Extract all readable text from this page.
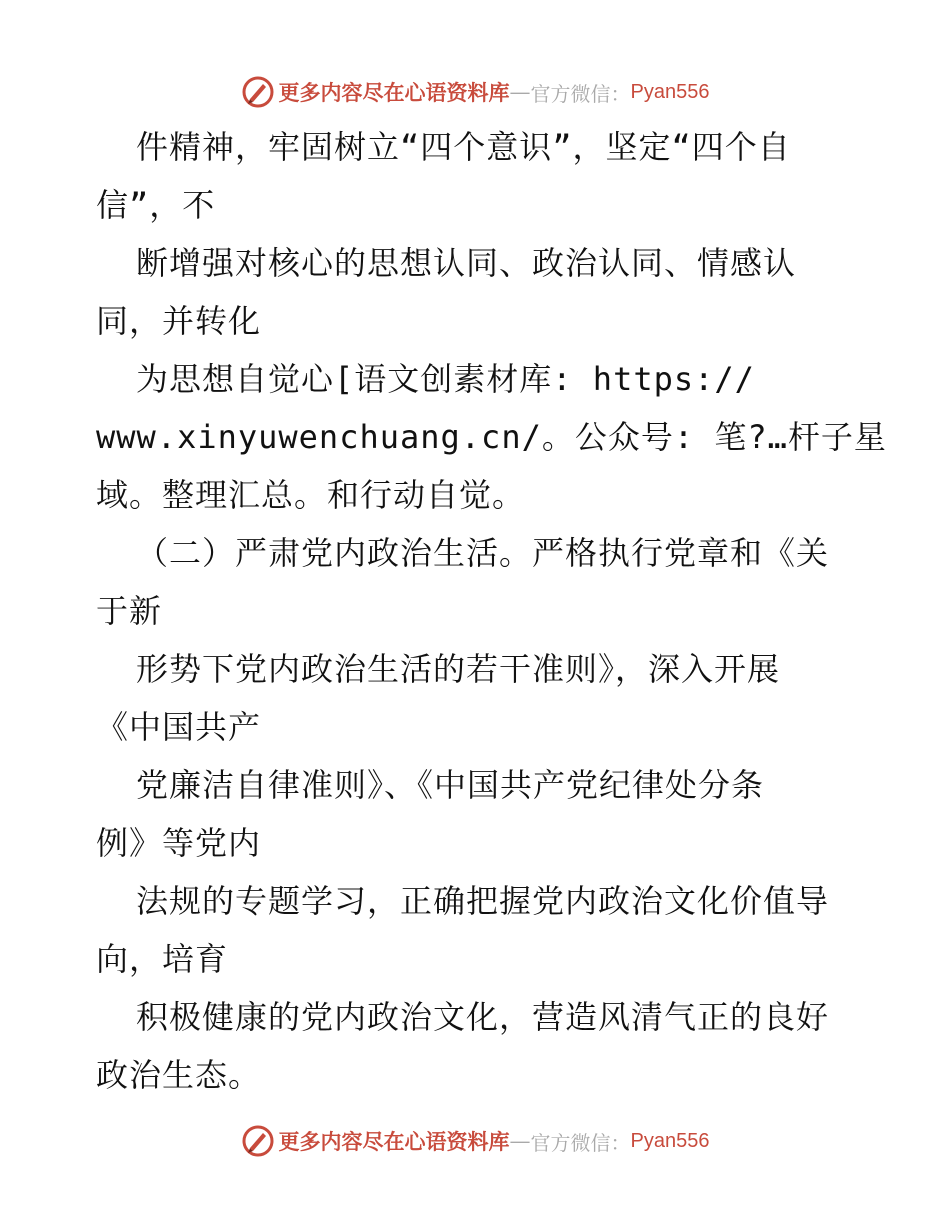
更多内容尽在心语资料库 — 官方微信： Pyan556
件精神，牢固树立“四个意识”，坚定“四个自
信”，不
断增强对核心的思想认同、政治认同、情感认
同，并转化
为思想自觉心[语文创素材库: https://
www.xinyuwenchuang.cn/。公众号: 笔?…杆子星
域。整理汇总。和行动自觉。
（二）严肃党内政治生活。严格执行党章和《关
于新
形势下党内政治生活的若干准则》，深入开展
《中国共产
党廉洁自律准则》、《中国共产党纪律处分条
例》等党内
法规的专题学习，正确把握党内政治文化价值导
向，培育
积极健康的党内政治文化，营造风清气正的良好
政治生态。
更多内容尽在心语资料库 — 官方微信： Pyan556
